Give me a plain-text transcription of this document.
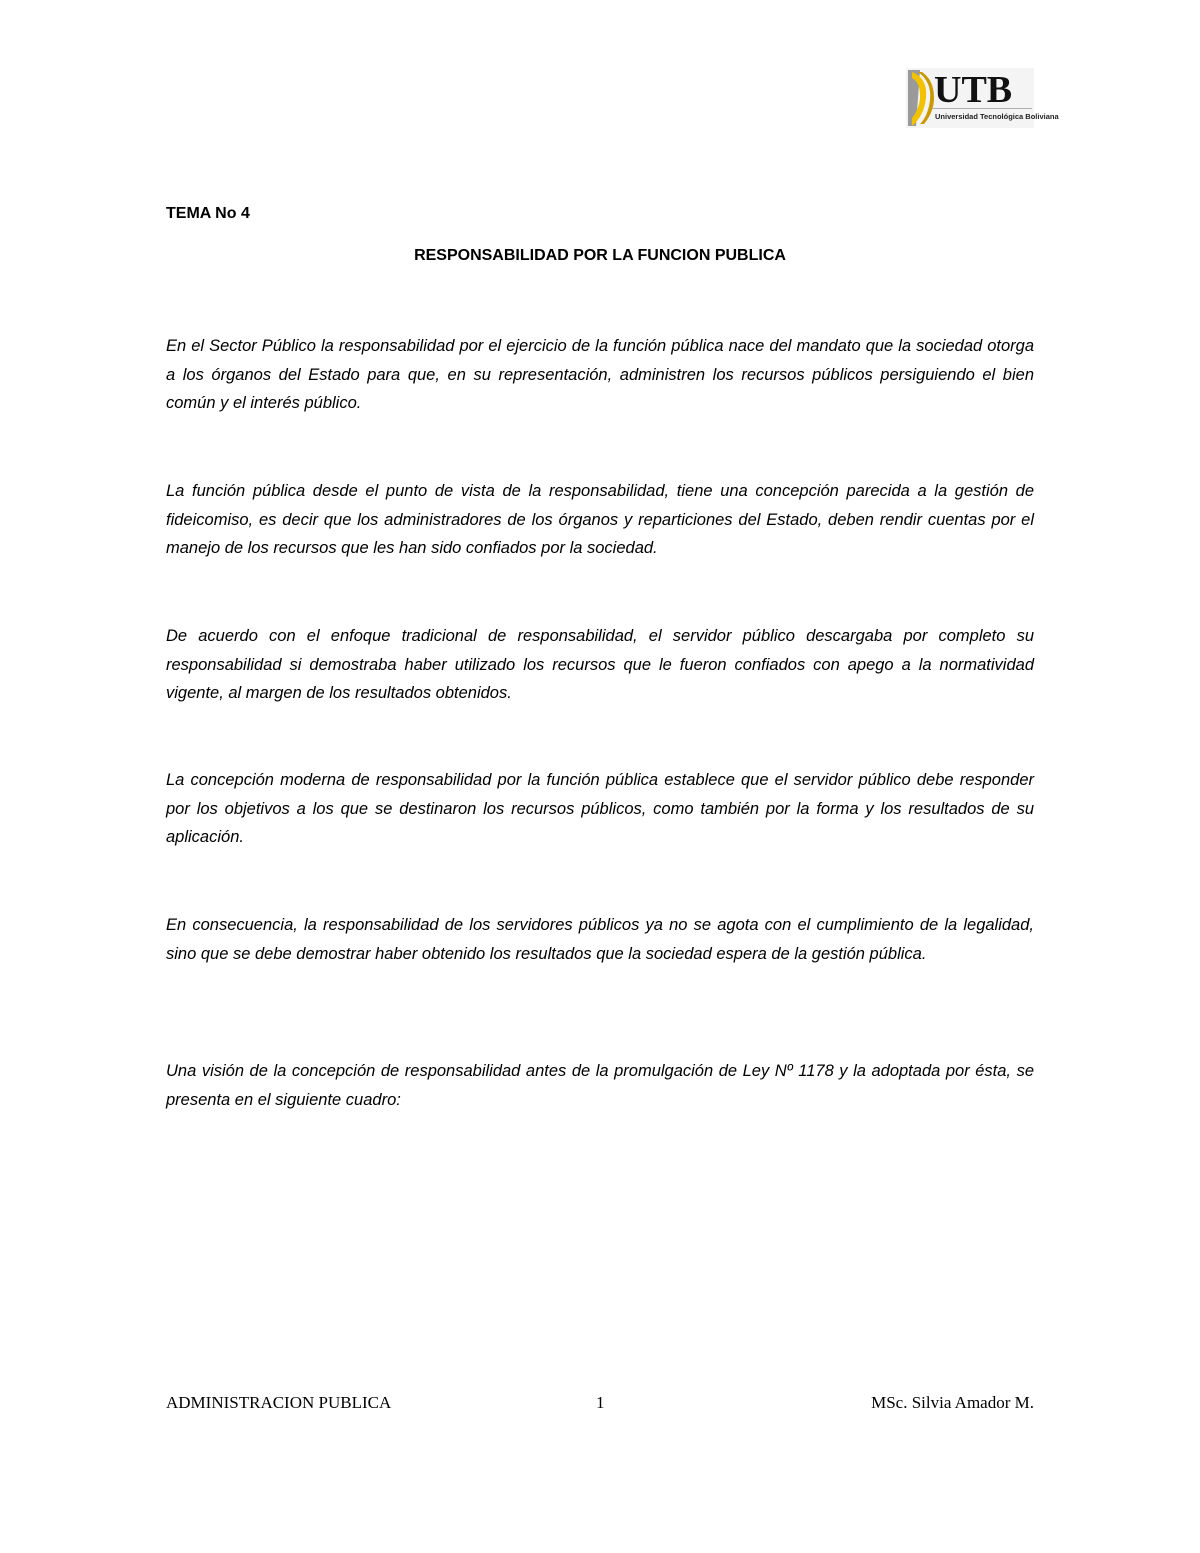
UTB
Universidad Tecnológica Boliviana
TEMA No 4
RESPONSABILIDAD POR LA FUNCION PUBLICA
En el Sector Público la responsabilidad por el ejercicio de la función pública nace del mandato que la sociedad otorga a los órganos del Estado para que, en su representación, administren los recursos públicos persiguiendo el bien común y el interés público.
La función pública desde el punto de vista de la responsabilidad, tiene una concepción parecida a la gestión de fideicomiso, es decir que los administradores de los órganos y reparticiones del Estado, deben rendir cuentas por el manejo de los recursos que les han sido confiados por la sociedad.
De acuerdo con el enfoque tradicional de responsabilidad, el servidor público descargaba por completo su responsabilidad si demostraba haber utilizado los recursos que le fueron confiados con apego a la normatividad vigente, al margen de los resultados obtenidos.
La concepción moderna de responsabilidad por la función pública establece que el servidor público debe responder por los objetivos a los que se destinaron los recursos públicos, como también por la forma y los resultados de su aplicación.
En consecuencia, la responsabilidad de los servidores públicos ya no se agota con el cumplimiento de la legalidad, sino que se debe demostrar haber obtenido los resultados que la sociedad espera de la gestión pública.
Una visión de la concepción de responsabilidad antes de la promulgación de Ley Nº 1178 y la adoptada por ésta, se presenta en el siguiente cuadro:
ADMINISTRACION PUBLICA	1	MSc. Silvia Amador M.
